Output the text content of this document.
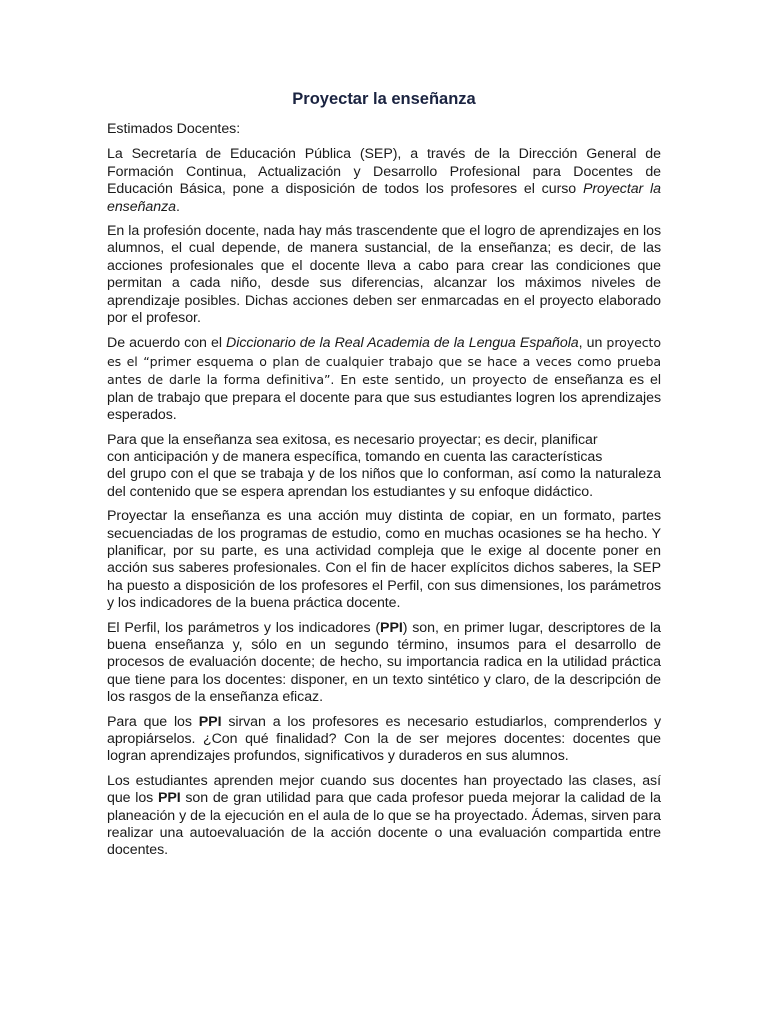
Proyectar la enseñanza

Estimados Docentes:

La Secretaría de Educación Pública (SEP), a través de la Dirección General de Formación Continua, Actualización y Desarrollo Profesional para Docentes de Educación Básica, pone a disposición de todos los profesores el curso Proyectar la enseñanza.

En la profesión docente, nada hay más trascendente que el logro de aprendizajes en los alumnos, el cual depende, de manera sustancial, de la enseñanza; es decir, de las acciones profesionales que el docente lleva a cabo para crear las condiciones que permitan a cada niño, desde sus diferencias, alcanzar los máximos niveles de aprendizaje posibles. Dichas acciones deben ser enmarcadas en el proyecto elaborado por el profesor.

De acuerdo con el Diccionario de la Real Academia de la Lengua Española, un proyecto es el “primer esquema o plan de cualquier trabajo que se hace a veces como prueba antes de darle la forma definitiva”. En este sentido, un proyecto de enseñanza es el plan de trabajo que prepara el docente para que sus estudiantes logren los aprendizajes esperados.

Para que la enseñanza sea exitosa, es necesario proyectar; es decir, planificar
con anticipación y de manera específica, tomando en cuenta las características
del grupo con el que se trabaja y de los niños que lo conforman, así como la naturaleza del contenido que se espera aprendan los estudiantes y su enfoque didáctico.

Proyectar la enseñanza es una acción muy distinta de copiar, en un formato, partes secuenciadas de los programas de estudio, como en muchas ocasiones se ha hecho. Y planificar, por su parte, es una actividad compleja que le exige al docente poner en acción sus saberes profesionales. Con el fin de hacer explícitos dichos saberes, la SEP ha puesto a disposición de los profesores el Perfil, con sus dimensiones, los parámetros y los indicadores de la buena práctica docente.

El Perfil, los parámetros y los indicadores (PPI) son, en primer lugar, descriptores de la buena enseñanza y, sólo en un segundo término, insumos para el desarrollo de procesos de evaluación docente; de hecho, su importancia radica en la utilidad práctica que tiene para los docentes: disponer, en un texto sintético y claro, de la descripción de los rasgos de la enseñanza eficaz.

Para que los PPI sirvan a los profesores es necesario estudiarlos, comprenderlos y apropiárselos. ¿Con qué finalidad? Con la de ser mejores docentes: docentes que logran aprendizajes profundos, significativos y duraderos en sus alumnos.

Los estudiantes aprenden mejor cuando sus docentes han proyectado las clases, así que los PPI son de gran utilidad para que cada profesor pueda mejorar la calidad de la planeación y de la ejecución en el aula de lo que se ha proyectado. Ádemas, sirven para realizar una autoevaluación de la acción docente o una evaluación compartida entre docentes.
